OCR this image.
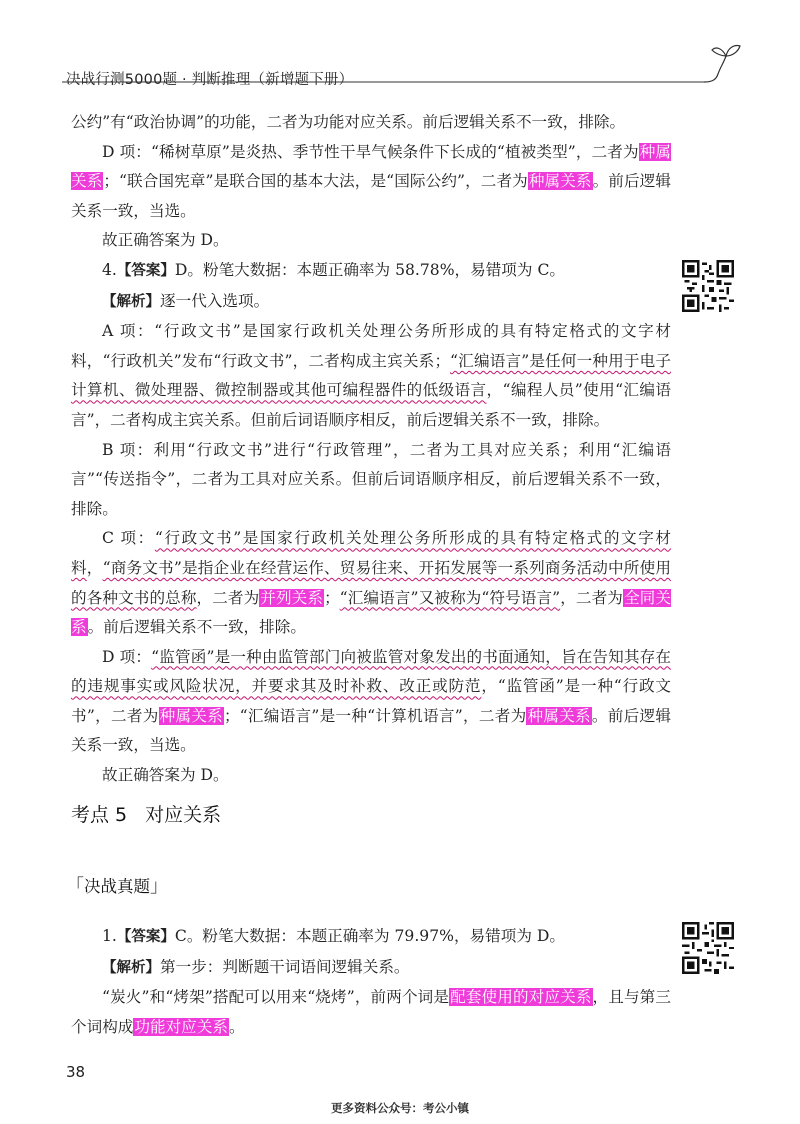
决战行测5000题 · 判断推理（新增题下册）

公约”有“政治协调”的功能，二者为功能对应关系。前后逻辑关系不一致，排除。

D 项：“稀树草原”是炎热、季节性干旱气候条件下长成的“植被类型”，二者为种属关系；“联合国宪章”是联合国的基本大法，是“国际公约”，二者为种属关系。前后逻辑关系一致，当选。

故正确答案为 D。

4.【答案】D。粉笔大数据：本题正确率为 58.78%，易错项为 C。

【解析】逐一代入选项。

A 项：“行政文书”是国家行政机关处理公务所形成的具有特定格式的文字材料，“行政机关”发布“行政文书”，二者构成主宾关系；“汇编语言”是任何一种用于电子计算机、微处理器、微控制器或其他可编程器件的低级语言，“编程人员”使用“汇编语言”，二者构成主宾关系。但前后词语顺序相反，前后逻辑关系不一致，排除。

B 项：利用“行政文书”进行“行政管理”，二者为工具对应关系；利用“汇编语言”“传送指令”，二者为工具对应关系。但前后词语顺序相反，前后逻辑关系不一致，排除。

C 项：“行政文书”是国家行政机关处理公务所形成的具有特定格式的文字材料，“商务文书”是指企业在经营运作、贸易往来、开拓发展等一系列商务活动中所使用的各种文书的总称，二者为并列关系；“汇编语言”又被称为“符号语言”，二者为全同关系。前后逻辑关系不一致，排除。

D 项：“监管函”是一种由监管部门向被监管对象发出的书面通知，旨在告知其存在的违规事实或风险状况，并要求其及时补救、改正或防范，“监管函”是一种“行政文书”，二者为种属关系；“汇编语言”是一种“计算机语言”，二者为种属关系。前后逻辑关系一致，当选。

故正确答案为 D。

考点 5 对应关系
「决战真题」

1.【答案】C。粉笔大数据：本题正确率为 79.97%，易错项为 D。

【解析】第一步：判断题干词语间逻辑关系。

“炭火”和“烤架”搭配可以用来“烧烤”，前两个词是配套使用的对应关系，且与第三个词构成功能对应关系。

38
更多资料公众号：考公小镇
